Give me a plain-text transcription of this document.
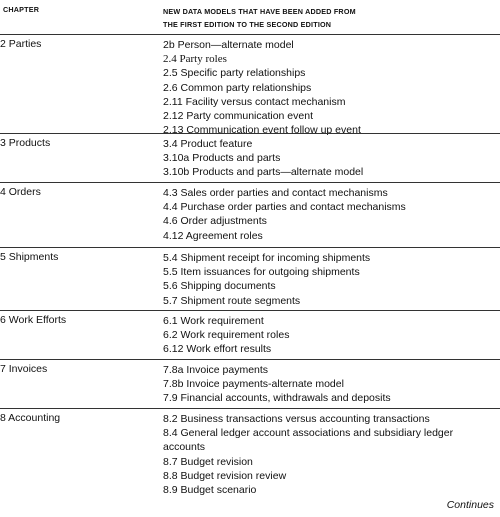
CHAPTER	NEW DATA MODELS THAT HAVE BEEN ADDED FROM
THE FIRST EDITION TO THE SECOND EDITION
2 Parties	2b Person—alternate model
2.4 Party roles
2.5 Specific party relationships
2.6 Common party relationships
2.11 Facility versus contact mechanism
2.12 Party communication event
2.13 Communication event follow up event
3 Products	3.4 Product feature
3.10a Products and parts
3.10b Products and parts—alternate model
4 Orders	4.3 Sales order parties and contact mechanisms
4.4 Purchase order parties and contact mechanisms
4.6 Order adjustments
4.12 Agreement roles
5 Shipments	5.4 Shipment receipt for incoming shipments
5.5 Item issuances for outgoing shipments
5.6 Shipping documents
5.7 Shipment route segments
6 Work Efforts	6.1 Work requirement
6.2 Work requirement roles
6.12 Work effort results
7 Invoices	7.8a Invoice payments
7.8b Invoice payments-alternate model
7.9 Financial accounts, withdrawals and deposits
8 Accounting	8.2 Business transactions versus accounting transactions
8.4 General ledger account associations and subsidiary ledger accounts
8.7 Budget revision
8.8 Budget revision review
8.9 Budget scenario
Continues
